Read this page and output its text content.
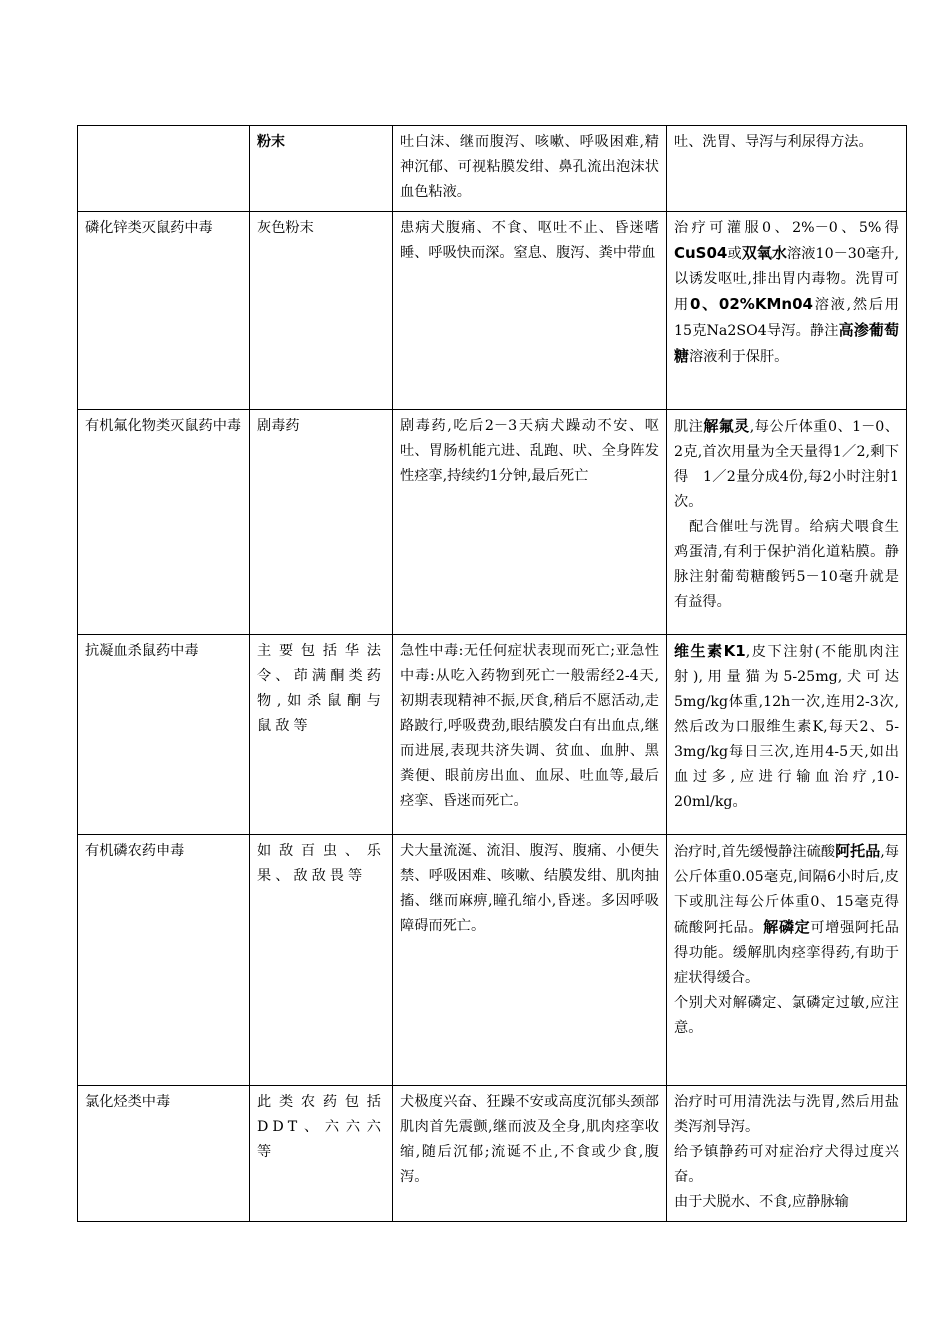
	粉末	吐白沫、继而腹泻、咳嗽、呼吸困难,精神沉郁、可视粘膜发绀、鼻孔流出泡沫状血色粘液。	吐、洗胃、导泻与利尿得方法。

磷化锌类灭鼠药中毒	灰色粉末	患病犬腹痛、不食、呕吐不止、昏迷嗜睡、呼吸快而深。窒息、腹泻、粪中带血	治疗可灌服0、2%－0、5%得CuS04或双氧水溶液10－30毫升,以诱发呕吐,排出胃内毒物。洗胃可用0、02%KMn04溶液,然后用15克Na2SO4导泻。静注高渗葡萄糖溶液利于保肝。
有机氟化物类灭鼠药中毒	剧毒药	剧毒药,吃后2－3天病犬躁动不安、呕吐、胃肠机能亢进、乱跑、吠、全身阵发性痉挛,持续约1分钟,最后死亡	肌注解氟灵,每公斤体重0、1－0、2克,首次用量为全天量得1／2,剩下得　1／2量分成4份,每2小时注射1次。

　配合催吐与洗胃。给病犬喂食生鸡蛋清,有利于保护消化道粘膜。静脉注射葡萄糖酸钙5－10毫升就是有益得。

抗凝血杀鼠药中毒	主要包括华法令、茚满酮类药物,如杀鼠酮与鼠敌等	急性中毒:无任何症状表现而死亡;亚急性中毒:从吃入药物到死亡一般需经2-4天,初期表现精神不振,厌食,稍后不愿活动,走路跛行,呼吸费劲,眼结膜发白有出血点,继而进展,表现共济失调、贫血、血肿、黑粪便、眼前房出血、血尿、吐血等,最后痉挛、昏迷而死亡。	维生素K1,皮下注射(不能肌肉注射),用量猫为5-25mg,犬可达5mg/kg体重,12h一次,连用2-3次,然后改为口服维生素K,每天2、5-3mg/kg每日三次,连用4-5天,如出血过多,应进行输血治疗,10-20ml/kg。
有机磷农药申毒	如敌百虫、乐果、敌敌畏等	犬大量流涎、流泪、腹泻、腹痛、小便失禁、呼吸困难、咳嗽、结膜发绀、肌肉抽搐、继而麻痹,瞳孔缩小,昏迷。多因呼吸障碍而死亡。	治疗时,首先缓慢静注硫酸阿托品,每公斤体重0.05毫克,间隔6小时后,皮下或肌注每公斤体重0、15毫克得硫酸阿托品。解磷定可增强阿托品得功能。缓解肌肉痉挛得药,有助于症状得缓合。

个别犬对解磷定、氯磷定过敏,应注意。

氯化烃类中毒	此类农药包括DDT、六六六等	犬极度兴奋、狂躁不安或高度沉郁头颈部肌肉首先震颤,继而波及全身,肌肉痉挛收缩,随后沉郁;流诞不止,不食或少食,腹泻。	治疗时可用清洗法与洗胃,然后用盐类泻剂导泻。

给予镇静药可对症治疗犬得过度兴奋。

由于犬脱水、不食,应静脉输
